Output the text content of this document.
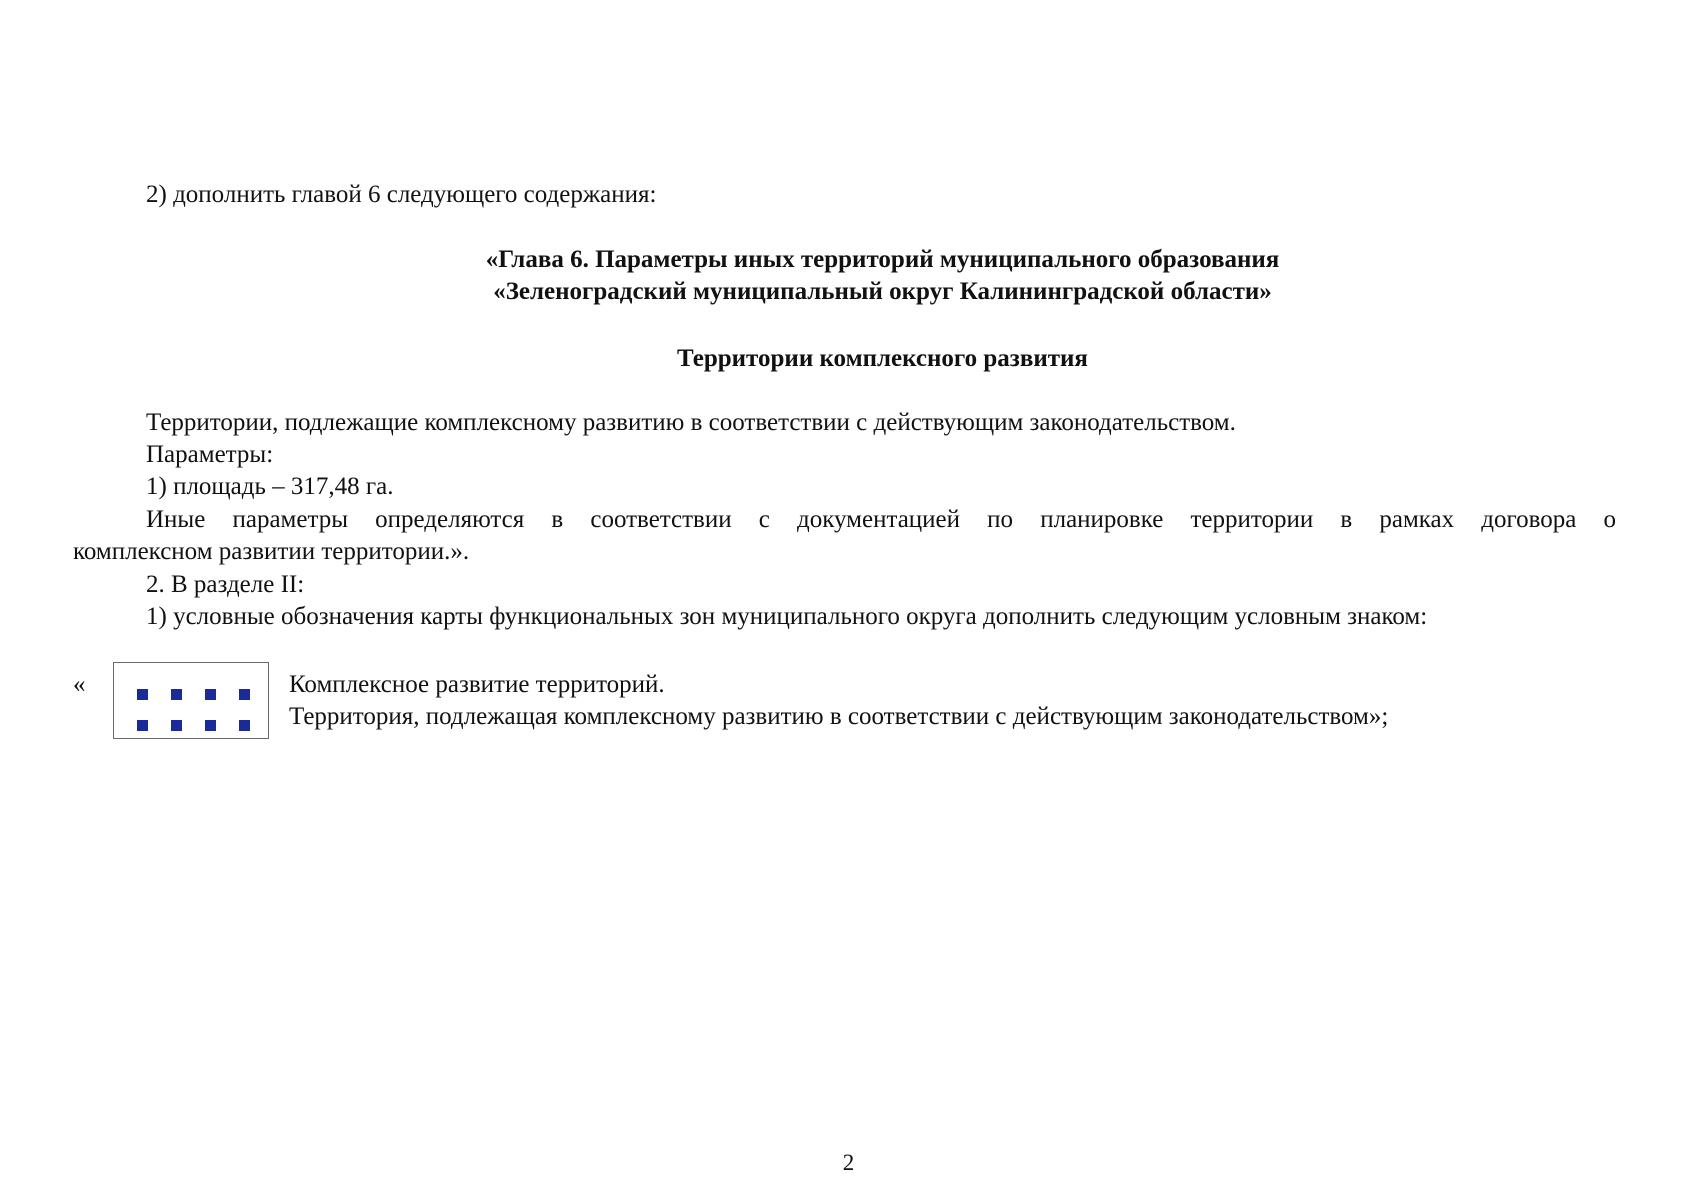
2) дополнить главой 6 следующего содержания:
«Глава 6. Параметры иных территорий муниципального образования
«Зеленоградский муниципальный округ Калининградской области»
Территории комплексного развития
Территории, подлежащие комплексному развитию в соответствии с действующим законодательством.
Параметры:
1) площадь – 317,48 га.
Иные параметры определяются в соответствии с документацией по планировке территории в рамках договора о
комплексном развитии территории.».
2. В разделе II:
1) условные обозначения карты функциональных зон муниципального округа дополнить следующим условным знаком:
«	Комплексное развитие территорий.
Территория, подлежащая комплексному развитию в соответствии с действующим законодательством»;
2
